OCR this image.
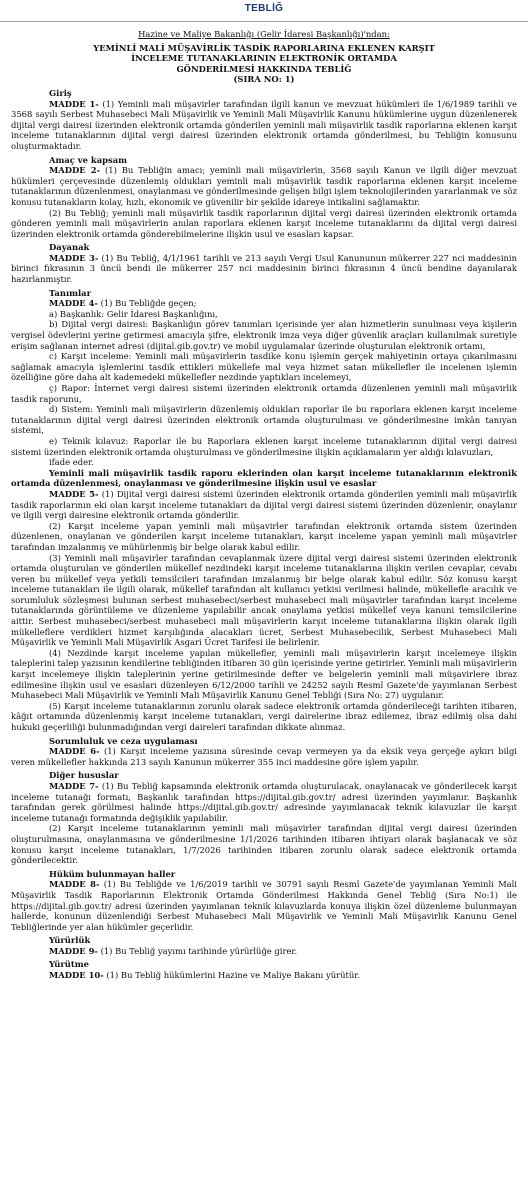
TEBLİĞ
Hazine ve Maliye Bakanlığı (Gelir İdaresi Başkanlığı)'ndan:
YEMİNLİ MALİ MÜŞAVİRLİK TASDİK RAPORLARINA EKLENEN KARŞIT
İNCELEME TUTANAKLARININ ELEKTRONİK ORTAMDA
GÖNDERİLMESİ HAKKINDA TEBLİĞ
(SIRA NO: 1)
Giriş

MADDE 1- (1) Yeminli mali müşavirler tarafından ilgili kanun ve mevzuat hükümleri ile 1/6/1989 tarihli ve 3568 sayılı Serbest Muhasebeci Mali Müşavirlik ve Yeminli Mali Müşavirlik Kanunu hükümlerine uygun düzenlenerek dijital vergi dairesi üzerinden elektronik ortamda gönderilen yeminli mali müşavirlik tasdik raporlarına eklenen karşıt inceleme tutanaklarının dijital vergi dairesi üzerinden elektronik ortamda gönderilmesi, bu Tebliğin konusunu oluşturmaktadır.

Amaç ve kapsam

MADDE 2- (1) Bu Tebliğin amacı; yeminli mali müşavirlerin, 3568 sayılı Kanun ve ilgili diğer mevzuat hükümleri çerçevesinde düzenlemiş oldukları yeminli mali müşavirlik tasdik raporlarına eklenen karşıt inceleme tutanaklarının düzenlenmesi, onaylanması ve gönderilmesinde gelişen bilgi işlem teknolojilerinden yararlanmak ve söz konusu tutanakların kolay, hızlı, ekonomik ve güvenilir bir şekilde idareye intikalini sağlamaktır.

(2) Bu Tebliğ; yeminli mali müşavirlik tasdik raporlarının dijital vergi dairesi üzerinden elektronik ortamda gönderen yeminli mali müşavirlerin anılan raporlara eklenen karşıt inceleme tutanaklarını da dijital vergi dairesi üzerinden elektronik ortamda gönderebilmelerine ilişkin usul ve esasları kapsar.

Dayanak

MADDE 3- (1) Bu Tebliğ, 4/1/1961 tarihli ve 213 sayılı Vergi Usul Kanununun mükerrer 227 nci maddesinin birinci fıkrasının 3 üncü bendi ile mükerrer 257 nci maddesinin birinci fıkrasının 4 üncü bendine dayanılarak hazırlanmıştır.

Tanımlar

MADDE 4- (1) Bu Tebliğde geçen;

a) Başkanlık: Gelir İdaresi Başkanlığını,

b) Dijital vergi dairesi: Başkanlığın görev tanımları içerisinde yer alan hizmetlerin sunulması veya kişilerin vergisel ödevlerini yerine getirmesi amacıyla şifre, elektronik imza veya diğer güvenlik araçları kullanılmak suretiyle erişim sağlanan internet adresi (dijital.gib.gov.tr) ve mobil uygulamalar üzerinde oluşturulan elektronik ortamı,

c) Karşıt inceleme: Yeminli mali müşavirlerin tasdike konu işlemin gerçek mahiyetinin ortaya çıkarılmasını sağlamak amacıyla işlemlerini tasdik ettikleri mükellefe mal veya hizmet satan mükellefler ile incelenen işlemin özelliğine göre daha alt kademedeki mükellefler nezdinde yaptıkları incelemeyi,

ç) Rapor: İnternet vergi dairesi sistemi üzerinden elektronik ortamda düzenlenen yeminli mali müşavirlik tasdik raporunu,

d) Sistem: Yeminli mali müşavirlerin düzenlemiş oldukları raporlar ile bu raporlara eklenen karşıt inceleme tutanaklarının dijital vergi dairesi üzerinden elektronik ortamda oluşturulması ve gönderilmesine imkân tanıyan sistemi,

e) Teknik kılavuz: Raporlar ile bu Raporlara eklenen karşıt inceleme tutanaklarının dijital vergi dairesi sistemi üzerinden elektronik ortamda oluşturulması ve gönderilmesine ilişkin açıklamaların yer aldığı kılavuzları,

ifade eder.

Yeminli mali müşavirlik tasdik raporu eklerinden olan karşıt inceleme tutanaklarının elektronik ortamda düzenlenmesi, onaylanması ve gönderilmesine ilişkin usul ve esaslar

MADDE 5- (1) Dijital vergi dairesi sistemi üzerinden elektronik ortamda gönderilen yeminli mali müşavirlik tasdik raporlarının eki olan karşıt inceleme tutanakları da dijital vergi dairesi sistemi üzerinden düzenlenir, onaylanır ve ilgili vergi dairesine elektronik ortamda gönderilir.

(2) Karşıt inceleme yapan yeminli mali müşavirler tarafından elektronik ortamda sistem üzerinden düzenlenen, onaylanan ve gönderilen karşıt inceleme tutanakları, karşıt inceleme yapan yeminli mali müşavirler tarafından imzalanmış ve mühürlenmiş bir belge olarak kabul edilir.

(3) Yeminli mali müşavirler tarafından cevaplanmak üzere dijital vergi dairesi sistemi üzerinden elektronik ortamda oluşturulan ve gönderilen mükellef nezdindeki karşıt inceleme tutanaklarına ilişkin verilen cevaplar, cevabı veren bu mükellef veya yetkili temsilcileri tarafından imzalanmış bir belge olarak kabul edilir. Söz konusu karşıt inceleme tutanakları ile ilgili olarak, mükellef tarafından alt kullanıcı yetkisi verilmesi halinde, mükellefle aracılık ve sorumluluk sözleşmesi bulunan serbest muhasebeci/serbest muhasebeci mali müşavirler tarafından karşıt inceleme tutanaklarında görüntüleme ve düzenleme yapılabilir ancak onaylama yetkisi mükellef veya kanuni temsilcilerine aittir. Serbest muhasebeci/serbest muhasebeci mali müşavirlerin karşıt inceleme tutanaklarına ilişkin olarak ilgili mükelleflere verdikleri hizmet karşılığında alacakları ücret, Serbest Muhasebecilik, Serbest Muhasebeci Mali Müşavirlik ve Yeminli Mali Müşavirlik Asgari Ücret Tarifesi ile belirlenir.

(4) Nezdinde karşıt inceleme yapılan mükellefler, yeminli mali müşavirlerin karşıt incelemeye ilişkin taleplerini talep yazısının kendilerine tebliğinden itibaren 30 gün içerisinde yerine getirirler. Yeminli mali müşavirlerin karşıt incelemeye ilişkin taleplerinin yerine getirilmesinde defter ve belgelerin yeminli mali müşavirlere ibraz edilmesine ilişkin usul ve esasları düzenleyen 6/12/2000 tarihli ve 24252 sayılı Resmî Gazete'de yayımlanan Serbest Muhasebeci Mali Müşavirlik ve Yeminli Mali Müşavirlik Kanunu Genel Tebliği (Sıra No: 27) uygulanır.

(5) Karşıt inceleme tutanaklarının zorunlu olarak sadece elektronik ortamda gönderileceği tarihten itibaren, kâğıt ortamında düzenlenmiş karşıt inceleme tutanakları, vergi dairelerine ibraz edilemez, ibraz edilmiş olsa dahi hukuki geçerliliği bulunmadığından vergi daireleri tarafından dikkate alınmaz.

Sorumluluk ve ceza uygulaması

MADDE 6- (1) Karşıt inceleme yazısına süresinde cevap vermeyen ya da eksik veya gerçeğe aykırı bilgi veren mükellefler hakkında 213 sayılı Kanunun mükerrer 355 inci maddesine göre işlem yapılır.

Diğer hususlar

MADDE 7- (1) Bu Tebliğ kapsamında elektronik ortamda oluşturulacak, onaylanacak ve gönderilecek karşıt inceleme tutanağı formatı, Başkanlık tarafından https://dijital.gib.gov.tr/ adresi üzerinden yayımlanır. Başkanlık tarafından gerek görülmesi halinde https://dijital.gib.gov.tr/ adresinde yayımlanacak teknik kılavuzlar ile karşıt inceleme tutanağı formatında değişiklik yapılabilir.

(2) Karşıt inceleme tutanaklarının yeminli mali müşavirler tarafından dijital vergi dairesi üzerinden oluşturulmasına, onaylanmasına ve gönderilmesine 1/1/2026 tarihinden itibaren ihtiyari olarak başlanacak ve söz konusu karşıt inceleme tutanakları, 1/7/2026 tarihinden itibaren zorunlu olarak sadece elektronik ortamda gönderilecektir.

Hüküm bulunmayan haller

MADDE 8- (1) Bu Tebliğde ve 1/6/2019 tarihli ve 30791 sayılı Resmî Gazete'de yayımlanan Yeminli Mali Müşavirlik Tasdik Raporlarının Elektronik Ortamda Gönderilmesi Hakkında Genel Tebliğ (Sıra No:1) ile https://dijital.gib.gov.tr/ adresi üzerinden yayımlanan teknik kılavuzlarda konuya ilişkin özel düzenleme bulunmayan hallerde, konunun düzenlendiği Serbest Muhasebeci Mali Müşavirlik ve Yeminli Mali Müşavirlik Kanunu Genel Tebliğlerinde yer alan hükümler geçerlidir.

Yürürlük

MADDE 9- (1) Bu Tebliğ yayımı tarihinde yürürlüğe girer.

Yürütme

MADDE 10- (1) Bu Tebliğ hükümlerini Hazine ve Maliye Bakanı yürütür.
